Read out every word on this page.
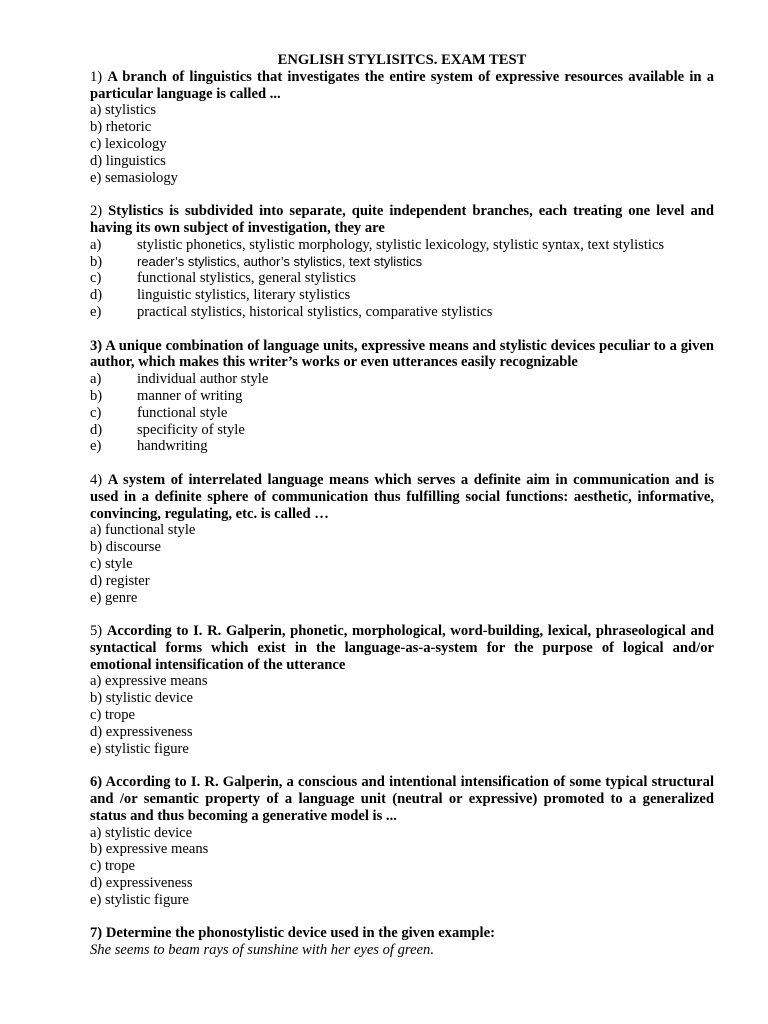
ENGLISH STYLISITCS. EXAM TEST
1) A branch of linguistics that investigates the entire system of expressive resources available in a particular language is called ...
a) stylistics
b) rhetoric
c) lexicology
d) linguistics
e) semasiology
2) Stylistics is subdivided into separate, quite independent branches, each treating one level and having its own subject of investigation, they are
a)	stylistic phonetics, stylistic morphology, stylistic lexicology, stylistic syntax, text stylistics
b)	reader’s stylistics, author’s stylistics, text stylistics
c)	functional stylistics, general stylistics
d)	linguistic stylistics, literary stylistics
e)	practical stylistics, historical stylistics, comparative stylistics
3) A unique combination of language units, expressive means and stylistic devices peculiar to a given author, which makes this writer’s works or even utterances easily recognizable
a)	individual author style
b)	manner of writing
c)	functional style
d)	specificity of style
e)	handwriting
4) A system of interrelated language means which serves a definite aim in communication and is used in a definite sphere of communication thus fulfilling social functions: aesthetic, informative, convincing, regulating, etc. is called …
a) functional style
b) discourse
c) style
d) register
e) genre
5) According to I. R. Galperin, phonetic, morphological, word-building, lexical, phraseological and syntactical forms which exist in the language-as-a-system for the purpose of logical and/or emotional intensification of the utterance
a) expressive means
b) stylistic device
c) trope
d) expressiveness
e) stylistic figure
6) According to I. R. Galperin, a conscious and intentional intensification of some typical structural and /or semantic property of a language unit (neutral or expressive) promoted to a generalized status and thus becoming a generative model is ...
a) stylistic device
b) expressive means
c) trope
d) expressiveness
e) stylistic figure
7) Determine the phonostylistic device used in the given example:
She seems to beam rays of sunshine with her eyes of green.
